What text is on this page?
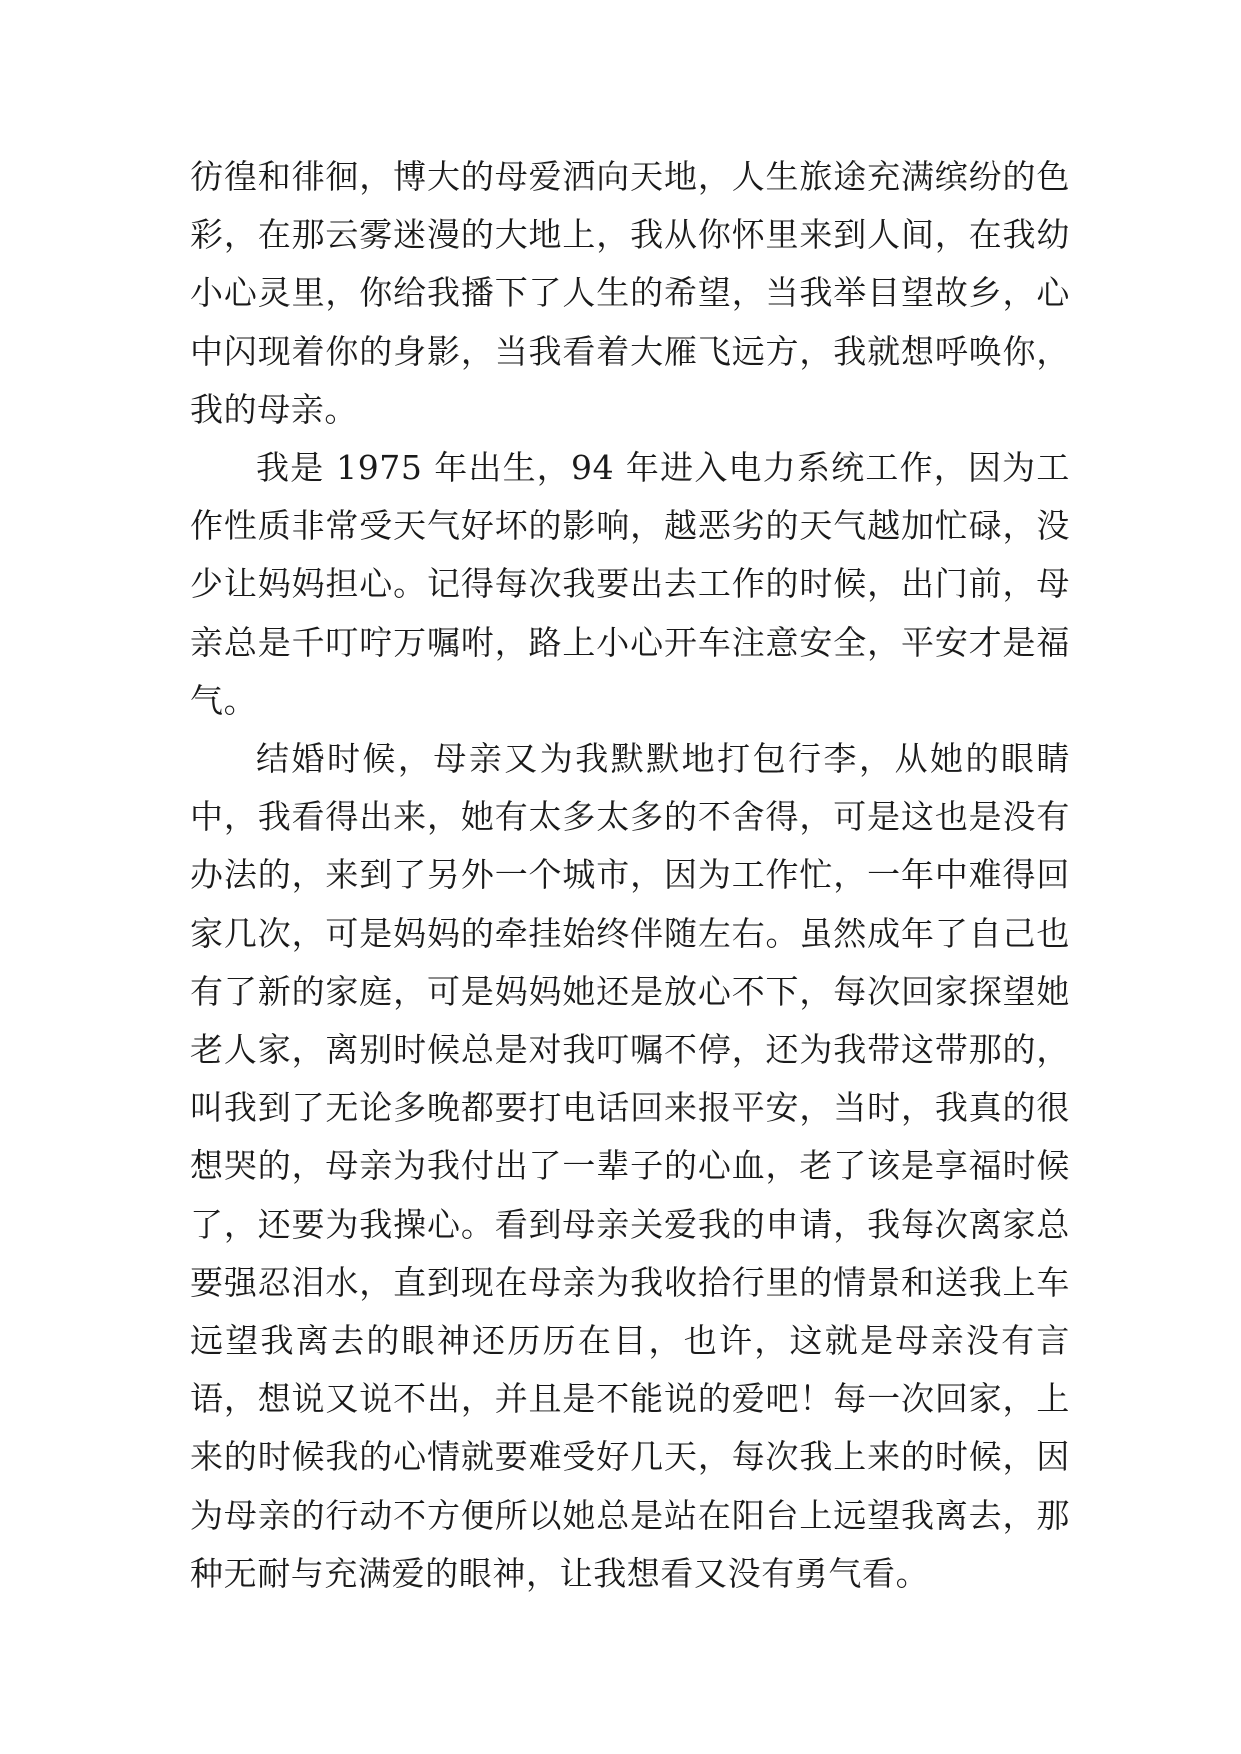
彷徨和徘徊，博大的母爱洒向天地，人生旅途充满缤纷的色彩，在那云雾迷漫的大地上，我从你怀里来到人间，在我幼小心灵里，你给我播下了人生的希望，当我举目望故乡，心中闪现着你的身影，当我看着大雁飞远方，我就想呼唤你，我的母亲。

我是 1975 年出生，94 年进入电力系统工作，因为工作性质非常受天气好坏的影响，越恶劣的天气越加忙碌，没少让妈妈担心。记得每次我要出去工作的时候，出门前，母亲总是千叮咛万嘱咐，路上小心开车注意安全，平安才是福气。

结婚时候，母亲又为我默默地打包行李，从她的眼睛中，我看得出来，她有太多太多的不舍得，可是这也是没有办法的，来到了另外一个城市，因为工作忙，一年中难得回家几次，可是妈妈的牵挂始终伴随左右。虽然成年了自己也有了新的家庭，可是妈妈她还是放心不下，每次回家探望她老人家，离别时候总是对我叮嘱不停，还为我带这带那的，叫我到了无论多晚都要打电话回来报平安，当时，我真的很想哭的，母亲为我付出了一辈子的心血，老了该是享福时候了，还要为我操心。看到母亲关爱我的申请，我每次离家总要强忍泪水，直到现在母亲为我收拾行里的情景和送我上车远望我离去的眼神还历历在目，也许，这就是母亲没有言语，想说又说不出，并且是不能说的爱吧！每一次回家，上来的时候我的心情就要难受好几天，每次我上来的时候，因为母亲的行动不方便所以她总是站在阳台上远望我离去，那种无耐与充满爱的眼神，让我想看又没有勇气看。
